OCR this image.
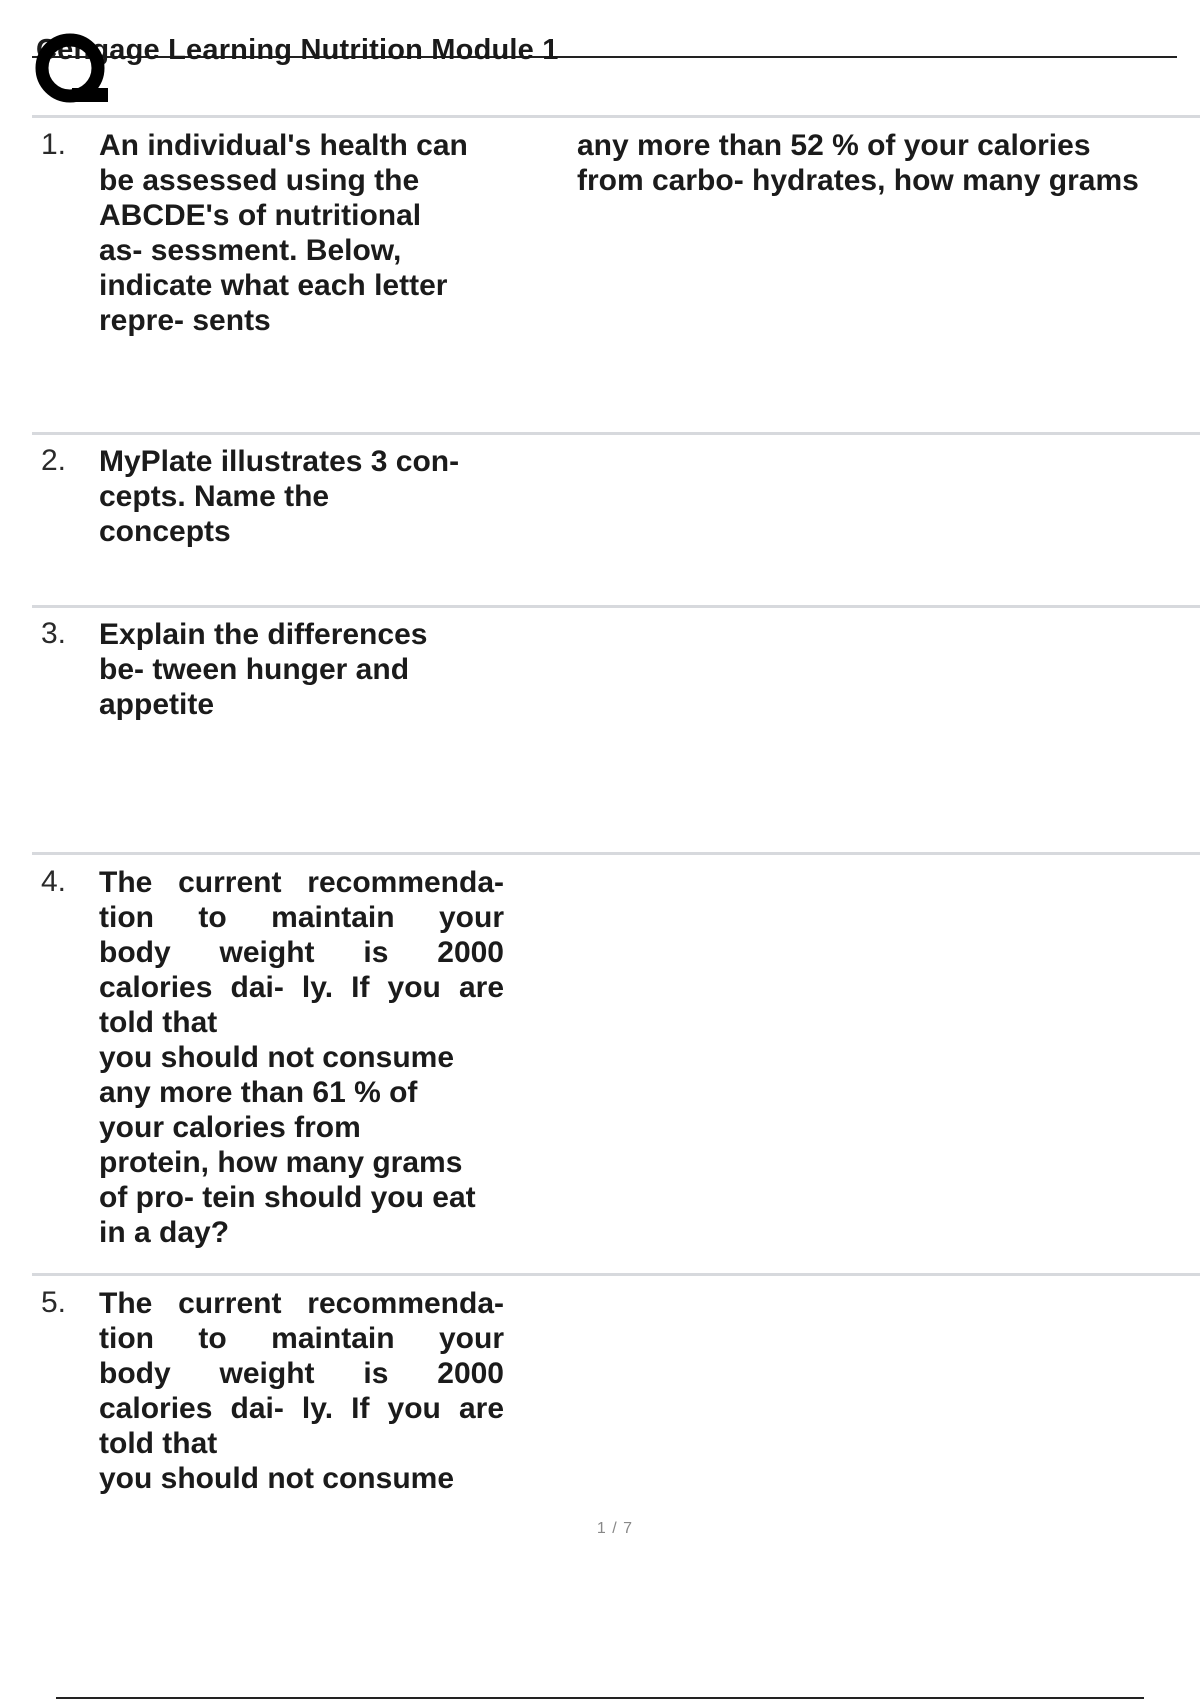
Cengage Learning Nutrition Module 1
1. An individual's health can
be assessed using the
ABCDE's of nutritional
as- sessment. Below,
indicate what each letter
repre- sents
any more than 52 % of your calories
from carbo- hydrates, how many grams
2. MyPlate illustrates 3 con-
cepts. Name the
concepts
3. Explain the differences
be- tween hunger and
appetite
4. The current recommenda-
tion to maintain your
body weight is 2000
calories dai- ly. If you are
told that
you should not consume
any more than 61 % of
your calories from
protein, how many grams
of pro- tein should you eat
in a day?
5. The current recommenda-
tion to maintain your
body weight is 2000
calories dai- ly. If you are
told that
you should not consume
1 / 7
